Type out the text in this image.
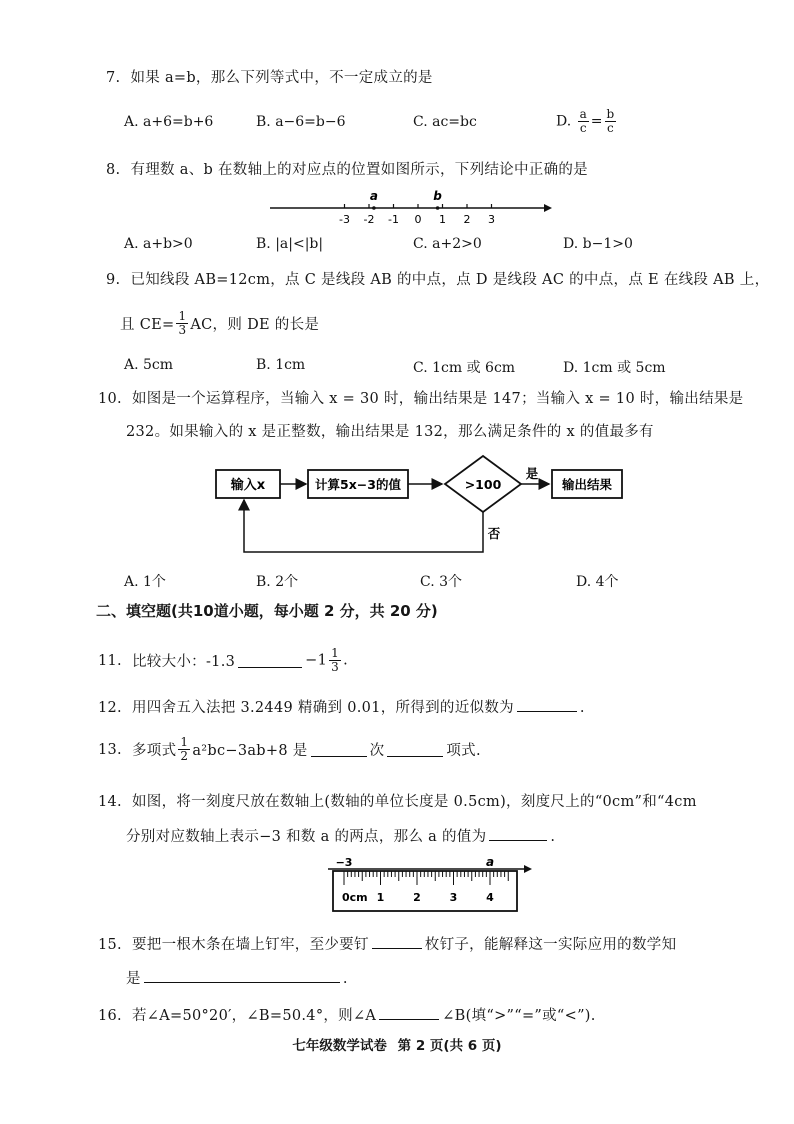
7. 如果 a=b，那么下列等式中，不一定成立的是
A. a+6=b+6	B. a−6=b−6	C. ac=bc	D. $\frac{a}{c} = \frac{b}{c}$
8. 有理数 a、b 在数轴上的对应点的位置如图所示，下列结论中正确的是
-3 -2 -1 0 1 2 3
a	b
A. a+b>0	B. |a|<|b|	C. a+2>0	D. b−1>0
9. 已知线段 AB=12cm，点 C 是线段 AB 的中点，点 D 是线段 AC 的中点，点 E 在线段 AB 上，
且 $CE= \frac{1}{3}$ AC，则 DE 的长是
A. 5cm	B. 1cm	C. 1cm 或 6cm	D. 1cm 或 5cm
10. 如图是一个运算程序，当输入 x = 30 时，输出结果是 147；当输入 x = 10 时，输出结果是
232。如果输入的 x 是正整数，输出结果是 132，那么满足条件的 x 的值最多有
输入x	计算5x−3的值	>100
是
输出结果
否
A. 1个	B. 2个	C. 3个	D. 4个
二、填空题(共10道小题，每小题 2 分，共 20 分)
11. 比较大小：-1.3	$-1 \frac{1}{3}$ .
12. 用四舍五入法把 3.2449 精确到 0.01，所得到的近似数为	.
13. 多项式 $\frac{1}{2} a^2bc-3ab+8$ 是	次	项式.
14. 如图，将一刻度尺放在数轴上(数轴的单位长度是 0.5cm)，刻度尺上的“0cm”和“4cm
分别对应数轴上表示−3 和数 a 的两点，那么 a 的值为	.
−3	a
0cm 1	2	3	4
15. 要把一根木条在墙上钉牢，至少要钉	枚钉子，能解释这一实际应用的数学知
是	.
16. 若∠A=50°20′，∠B=50.4°，则∠A	∠B(填“>”“=”或“<”).
七年级数学试卷 第 2 页(共 6 页)
